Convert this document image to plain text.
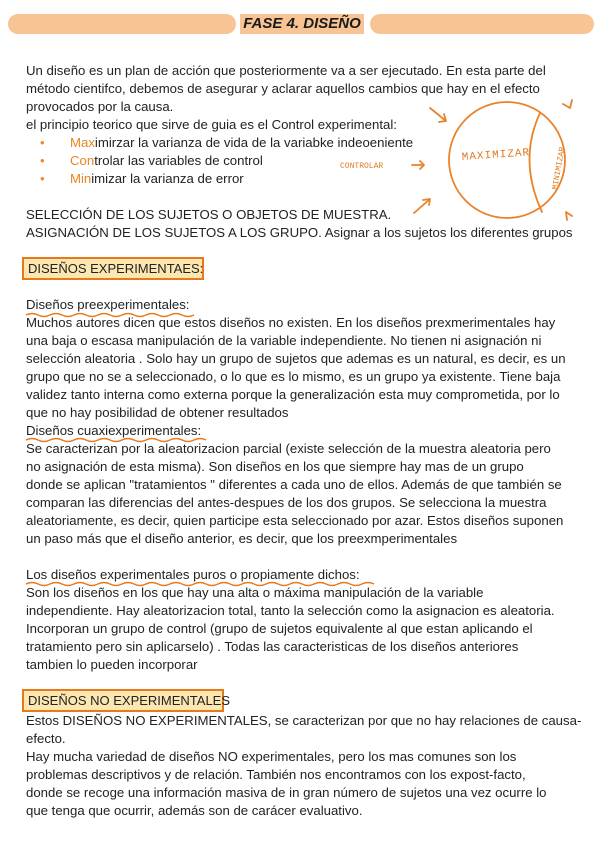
FASE 4. DISEÑO
Un diseño es un plan de acción que posteriormente va a ser ejecutado. En esta parte del
método cientifco, debemos de asegurar y aclarar aquellos cambios que hay en el efecto
provocados por la causa.
el principio teorico que sirve de guia es el Control experimental:
• Maximirzar la varianza de vida de la variabke indeoeniente
• Controlar las variables de control
• Minimizar la varianza de error
SELECCIÓN DE LOS SUJETOS O OBJETOS DE MUESTRA.
ASIGNACIÓN DE LOS SUJETOS A LOS GRUPO. Asignar a los sujetos los diferentes grupos
MAXIMIZAR	MINIMIZAR
CONTROLAR
DISEÑOS EXPERIMENTAES:
Diseños preexperimentales:
Muchos autores dicen que estos diseños no existen. En los diseños prexmerimentales hay
una baja o escasa manipulación de la variable independiente. No tienen ni asignación ni
selección aleatoria . Solo hay un grupo de sujetos que ademas es un natural, es decir, es un
grupo que no se a seleccionado, o lo que es lo mismo, es un grupo ya existente. Tiene baja
validez tanto interna como externa porque la generalización esta muy comprometida, por lo
que no hay posibilidad de obtener resultados
Diseños cuaxiexperimentales:
Se caracterizan por la aleatorizacion parcial (existe selección de la muestra aleatoria pero
no asignación de esta misma). Son diseños en los que siempre hay mas de un grupo
donde se aplican "tratamientos " diferentes a cada uno de ellos. Además de que también se
comparan las diferencias del antes-despues de los dos grupos. Se selecciona la muestra
aleatoriamente, es decir, quien participe esta seleccionado por azar. Estos diseños suponen
un paso más que el diseño anterior, es decir, que los preexmperimentales
Los diseños experimentales puros o propiamente dichos:
Son los diseños en los que hay una alta o máxima manipulación de la variable
independiente. Hay aleatorizacion total, tanto la selección como la asignacion es aleatoria.
Incorporan un grupo de control (grupo de sujetos equivalente al que estan aplicando el
tratamiento pero sin aplicarselo) . Todas las caracteristicas de los diseños anteriores
tambien lo pueden incorporar
DISEÑOS NO EXPERIMENTALES
Estos DISEÑOS NO EXPERIMENTALES, se caracterizan por que no hay relaciones de causa-
efecto.
Hay mucha variedad de diseños NO experimentales, pero los mas comunes son los
problemas descriptivos y de relación. También nos encontramos con los expost-facto,
donde se recoge una información masiva de in gran número de sujetos una vez ocurre lo
que tenga que ocurrir, además son de carácer evaluativo.
